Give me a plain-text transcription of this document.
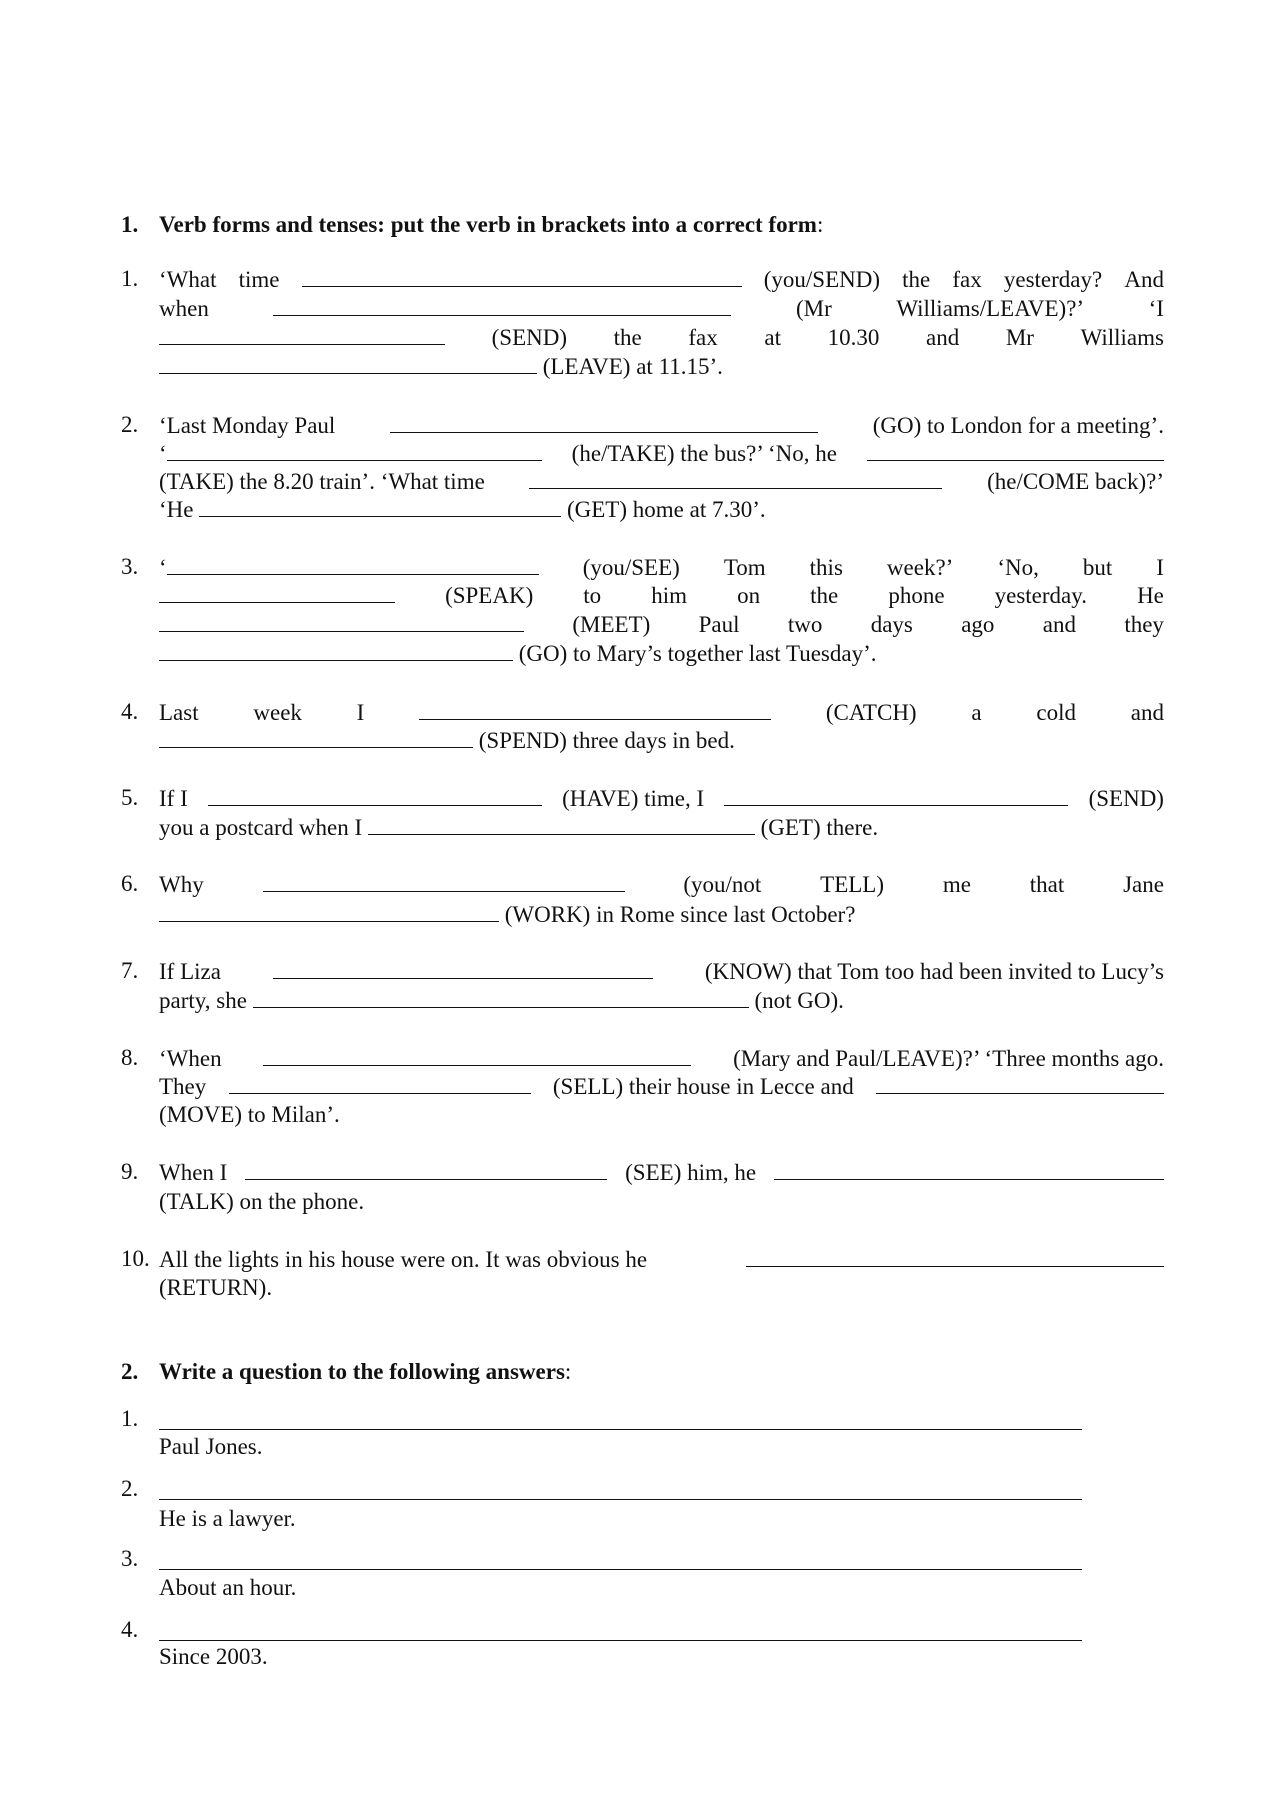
1. Verb forms and tenses: put the verb in brackets into a correct form:
1. ‘What time	(you/SEND) the fax yesterday? And
when	(Mr	Williams/LEAVE)?’	‘I
(SEND) the fax at 10.30 and Mr Williams
(LEAVE) at 11.15’.
2. ‘Last Monday Paul	(GO) to London for a meeting’.
‘	(he/TAKE) the bus?’ ‘No, he
(TAKE) the 8.20 train’. ‘What time	(he/COME back)?’
‘He	(GET) home at 7.30’.
3. ‘	(you/SEE) Tom this week?’ ‘No, but I
(SPEAK) to him on the phone yesterday. He
(MEET) Paul two days ago and they
(GO) to Mary’s together last Tuesday’.
4. Last week I	(CATCH) a cold and
(SPEND) three days in bed.
5. If I	(HAVE) time, I	(SEND)
you a postcard when I	(GET) there.
6. Why	(you/not	TELL)	me	that	Jane
(WORK) in Rome since last October?
7. If Liza	(KNOW) that Tom too had been invited to Lucy’s
party, she	(not GO).
8. ‘When	(Mary and Paul/LEAVE)?’ ‘Three months ago.
They	(SELL) their house in Lecce and
(MOVE) to Milan’.
9. When I	(SEE) him, he
(TALK) on the phone.
10. All the lights in his house were on. It was obvious he
(RETURN).
2. Write a question to the following answers:
1.
Paul Jones.
2.
He is a lawyer.
3.
About an hour.
4.
Since 2003.
